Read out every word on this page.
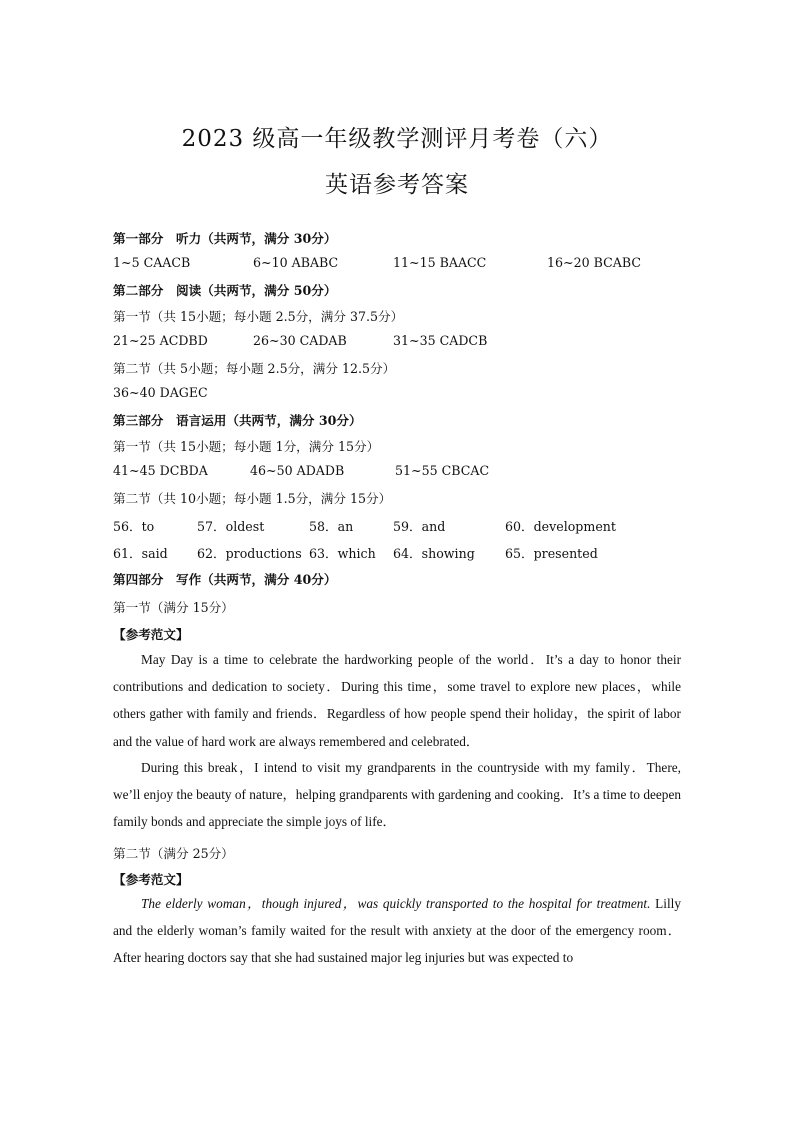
2023 级高一年级教学测评月考卷（六）
英语参考答案
第一部分　听力（共两节，满分 30分）
1~5 CAACB	6~10 ABABC	11~15 BAACC	16~20 BCABC
第二部分　阅读（共两节，满分 50分）
第一节（共 15小题；每小题 2.5分，满分 37.5分）
21~25 ACDBD	26~30 CADAB	31~35 CADCB
第二节（共 5小题；每小题 2.5分，满分 12.5分）
36~40 DAGEC
第三部分　语言运用（共两节，满分 30分）
第一节（共 15小题；每小题 1分，满分 15分）
41~45 DCBDA	46~50 ADADB	51~55 CBCAC
第二节（共 10小题；每小题 1.5分，满分 15分）
56．to	57．oldest	58．an	59．and	60．development
61．said 62．productions 63．which 64．showing 65．presented
第四部分　写作（共两节，满分 40分）
第一节（满分 15分）
【参考范文】
May Day is a time to celebrate the hardworking people of the world．It’s a day to honor their contributions and dedication to society．During this time，some travel to explore new places，while others gather with family and friends．Regardless of how people spend their holiday，the spirit of labor and the value of hard work are always remembered and celebrated．
During this break，I intend to visit my grandparents in the countryside with my family．There, we’ll enjoy the beauty of nature，helping grandparents with gardening and cooking．It’s a time to deepen family bonds and appreciate the simple joys of life．
第二节（满分 25分）
【参考范文】
The elderly woman，though injured，was quickly transported to the hospital for treatment. Lilly and the elderly woman’s family waited for the result with anxiety at the door of the emergency room． After hearing doctors say that she had sustained major leg injuries but was expected to
